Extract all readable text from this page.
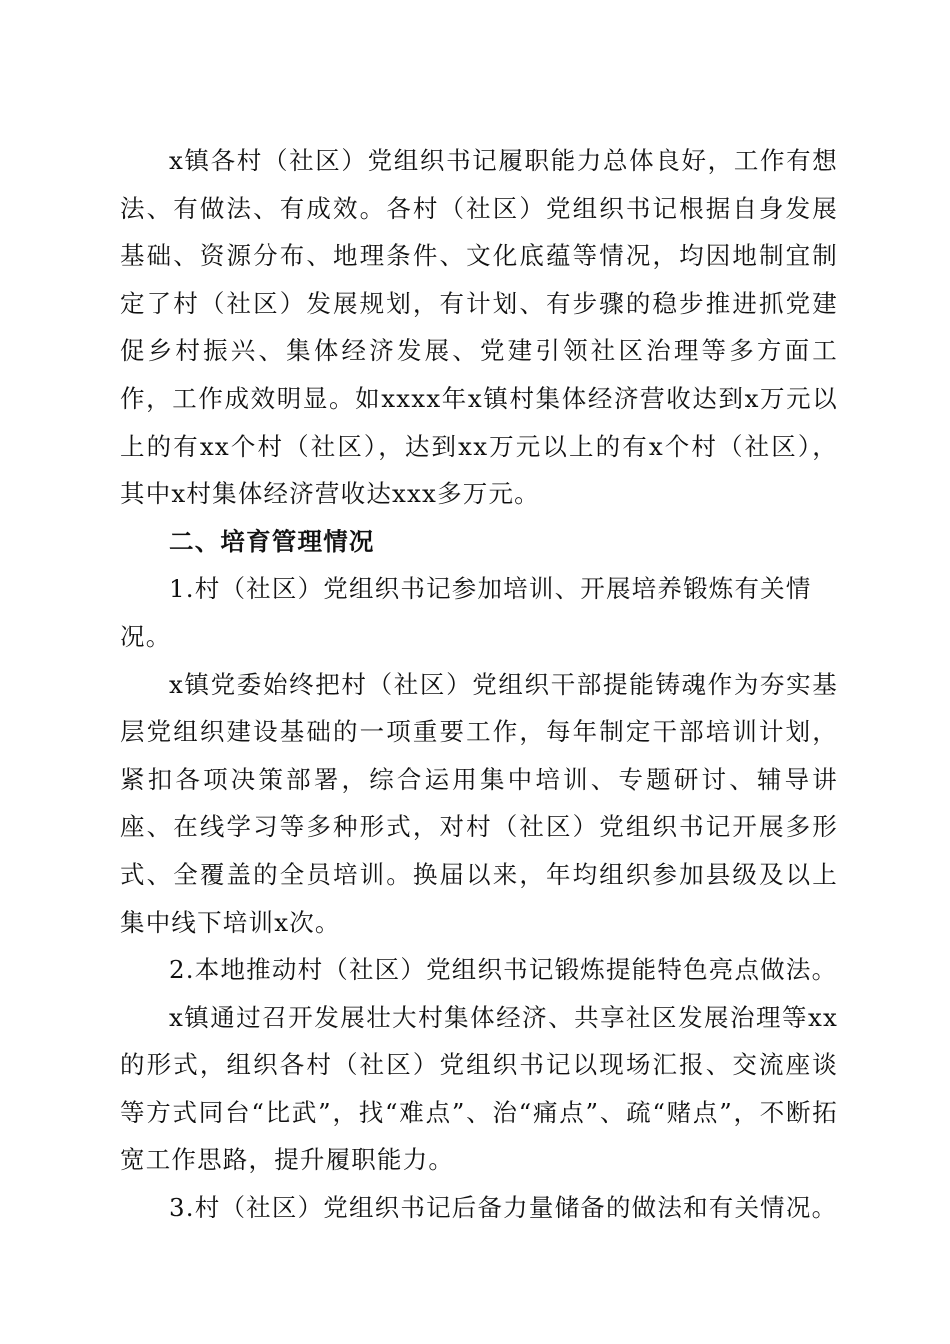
x镇各村（社区）党组织书记履职能力总体良好，工作有想法、有做法、有成效。各村（社区）党组织书记根据自身发展基础、资源分布、地理条件、文化底蕴等情况，均因地制宜制定了村（社区）发展规划，有计划、有步骤的稳步推进抓党建促乡村振兴、集体经济发展、党建引领社区治理等多方面工作，工作成效明显。如xxxx年x镇村集体经济营收达到x万元以上的有xx个村（社区），达到xx万元以上的有x个村（社区），其中x村集体经济营收达xxx多万元。

二、培育管理情况

1.村（社区）党组织书记参加培训、开展培养锻炼有关情况。

x镇党委始终把村（社区）党组织干部提能铸魂作为夯实基层党组织建设基础的一项重要工作，每年制定干部培训计划，紧扣各项决策部署，综合运用集中培训、专题研讨、辅导讲座、在线学习等多种形式，对村（社区）党组织书记开展多形式、全覆盖的全员培训。换届以来，年均组织参加县级及以上集中线下培训x次。

2.本地推动村（社区）党组织书记锻炼提能特色亮点做法。

x镇通过召开发展壮大村集体经济、共享社区发展治理等xx的形式，组织各村（社区）党组织书记以现场汇报、交流座谈等方式同台“比武”，找“难点”、治“痛点”、疏“赌点”，不断拓宽工作思路，提升履职能力。

3.村（社区）党组织书记后备力量储备的做法和有关情况。
